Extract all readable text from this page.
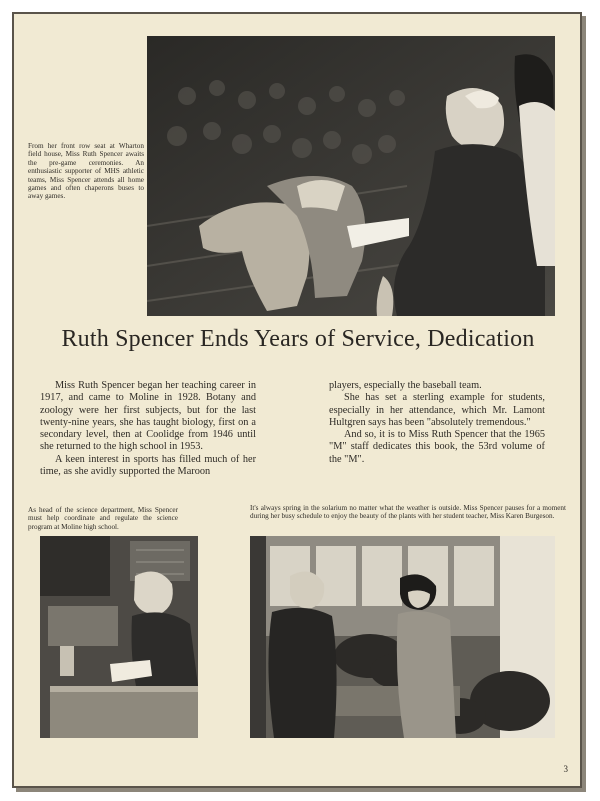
From her front row seat at Wharton field house, Miss Ruth Spencer awaits the pre-game ceremonies. An enthusiastic supporter of MHS athletic teams, Miss Spencer attends all home games and often chaperons buses to away games.
Ruth Spencer Ends Years of Service, Dedication

Miss Ruth Spencer began her teaching career in 1917, and came to Moline in 1928. Botany and zoology were her first subjects, but for the last twenty-nine years, she has taught biology, first on a secondary level, then at Coolidge from 1946 until she returned to the high school in 1953.

A keen interest in sports has filled much of her time, as she avidly supported the Maroon

players, especially the baseball team.

She has set a sterling example for students, especially in her attendance, which Mr. Lamont Hultgren says has been "absolutely tremendous."

And so, it is to Miss Ruth Spencer that the 1965 "M" staff dedicates this book, the 53rd volume of the "M".

As head of the science department, Miss Spencer must help coordinate and regulate the science program at Moline high school.
It's always spring in the solarium no matter what the weather is outside. Miss Spencer pauses for a moment during her busy schedule to enjoy the beauty of the plants with her student teacher, Miss Karen Burgeson.
3
